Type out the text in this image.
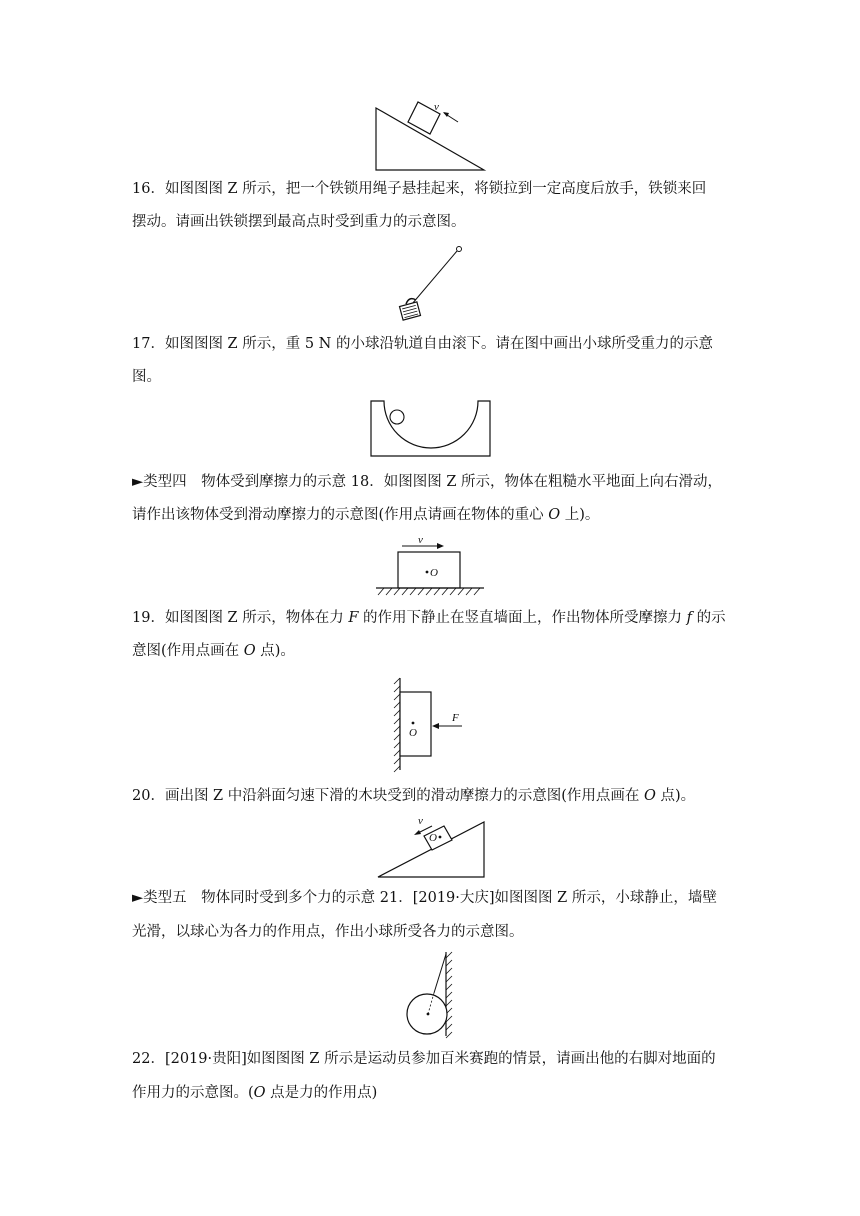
v

16．如图图图 Z 所示，把一个铁锁用绳子悬挂起来，将锁拉到一定高度后放手，铁锁来回

摆动。请画出铁锁摆到最高点时受到重力的示意图。

17．如图图图 Z 所示，重 5 N 的小球沿轨道自由滚下。请在图中画出小球所受重力的示意

图。

►类型四　物体受到摩擦力的示意 18．如图图图 Z 所示，物体在粗糙水平地面上向右滑动，

请作出该物体受到滑动摩擦力的示意图(作用点请画在物体的重心 O 上)。

v
O

19．如图图图 Z 所示，物体在力 F 的作用下静止在竖直墙面上，作出物体所受摩擦力 f 的示

意图(作用点画在 O 点)。

O
F

20．画出图 Z 中沿斜面匀速下滑的木块受到的滑动摩擦力的示意图(作用点画在 O 点)。

O
v

►类型五　物体同时受到多个力的示意 21．[2019·大庆]如图图图 Z 所示，小球静止，墙壁

光滑，以球心为各力的作用点，作出小球所受各力的示意图。

22．[2019·贵阳]如图图图 Z 所示是运动员参加百米赛跑的情景，请画出他的右脚对地面的

作用力的示意图。(O 点是力的作用点)
